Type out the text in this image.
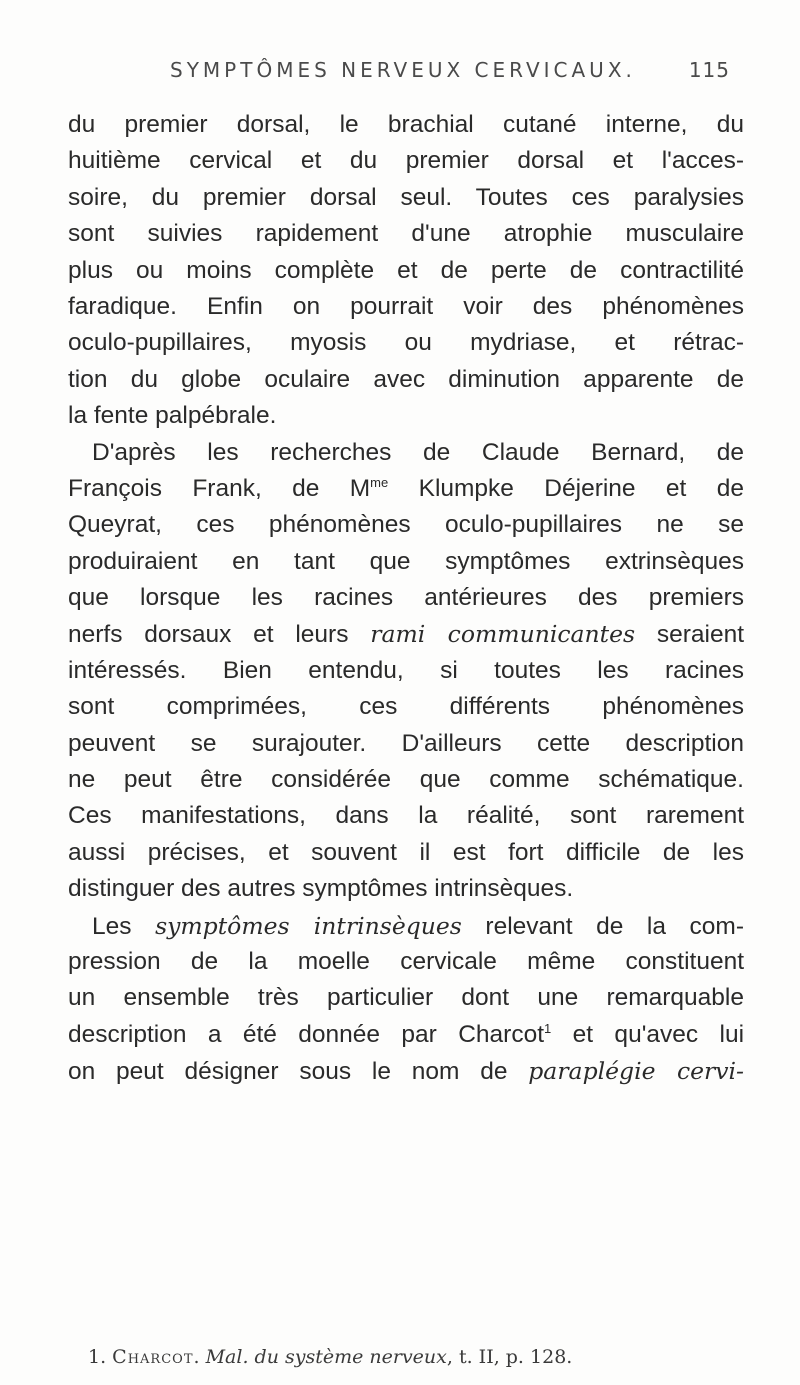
SYMPTÔMES NERVEUX CERVICAUX.	115
du premier dorsal, le brachial cutané interne, du
huitième cervical et du premier dorsal et l'acces-
soire, du premier dorsal seul. Toutes ces paralysies
sont suivies rapidement d'une atrophie musculaire
plus ou moins complète et de perte de contractilité
faradique. Enfin on pourrait voir des phénomènes
oculo-pupillaires, myosis ou mydriase, et rétrac-
tion du globe oculaire avec diminution apparente de
la fente palpébrale.
D'après les recherches de Claude Bernard, de
François Frank, de $M^{me}$ Klumpke Déjerine et de
Queyrat, ces phénomènes oculo-pupillaires ne se
produiraient en tant que symptômes extrinsèques
que lorsque les racines antérieures des premiers
nerfs dorsaux et leurs rami communicantes seraient
intéressés. Bien entendu, si toutes les racines
sont comprimées, ces différents phénomènes
peuvent se surajouter. D'ailleurs cette description
ne peut être considérée que comme schématique.
Ces manifestations, dans la réalité, sont rarement
aussi précises, et souvent il est fort difficile de les
distinguer des autres symptômes intrinsèques.
Les symptômes intrinsèques relevant de la com-
pression de la moelle cervicale même constituent
un ensemble très particulier dont une remarquable
description a été donnée par Charcot$^1$ et qu'avec lui
on peut désigner sous le nom de paraplégie cervi-
1. Charcot. Mal. du système nerveux, t. II, p. 128.
